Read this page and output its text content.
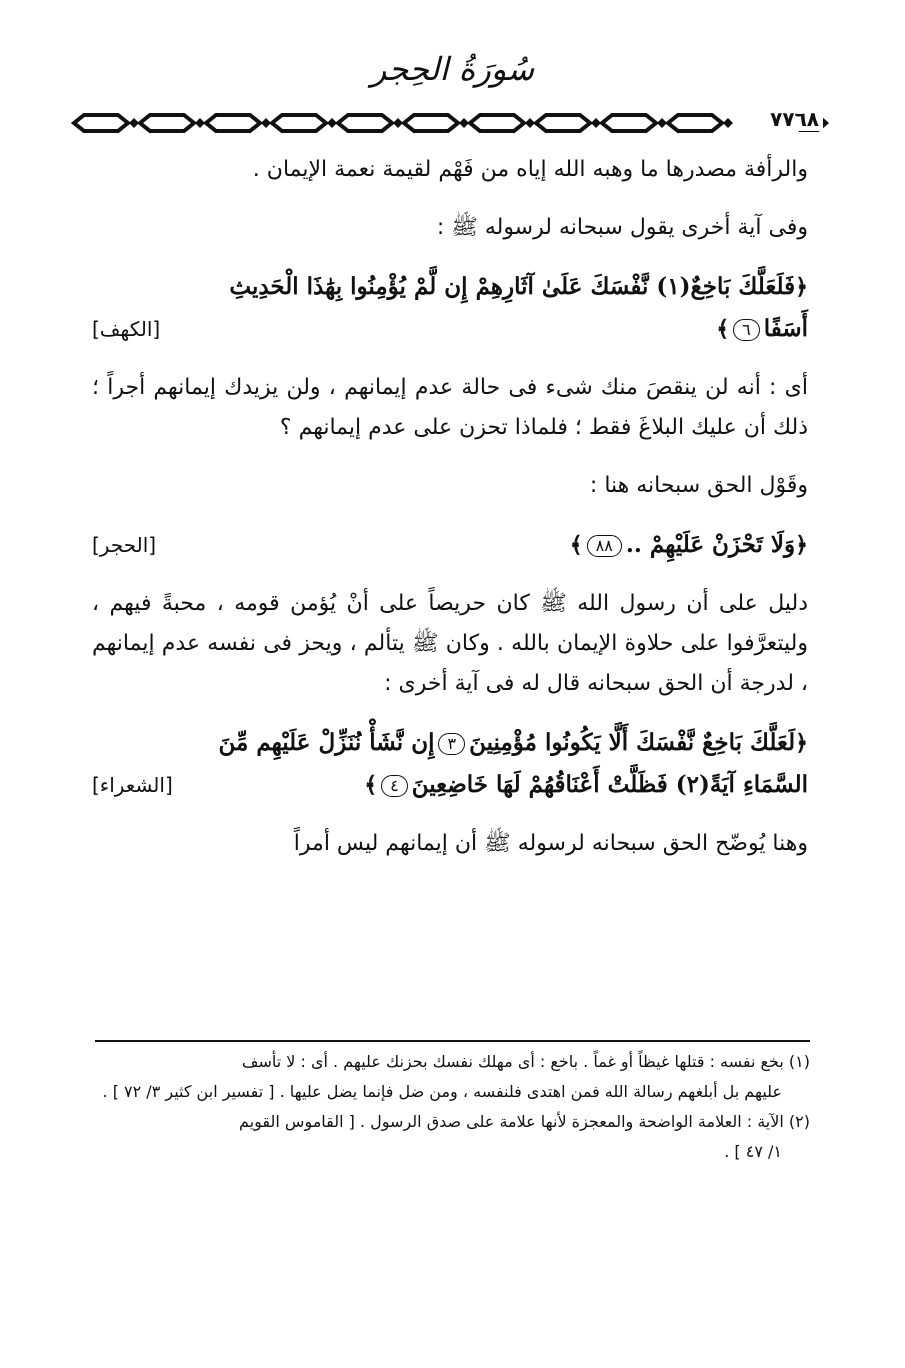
سُورَةُ الحِجر
٧٧٦٨

والرأفة مصدرها ما وهبه الله إياه من فَهْم لقيمة نعمة الإيمان .

وفى آية أخرى يقول سبحانه لرسوله ﷺ :

﴿فَلَعَلَّكَ بَاخِعٌ(١) نَّفْسَكَ عَلَىٰ آثَارِهِمْ إِن لَّمْ يُؤْمِنُوا بِهَٰذَا الْحَدِيثِ
أَسَفًا٦﴾
[الكهف]

أى : أنه لن ينقصَ منك شىء فى حالة عدم إيمانهم ، ولن يزيدك إيمانهم أجراً ؛ ذلك أن عليك البلاغَ فقط ؛ فلماذا تحزن على عدم إيمانهم ؟

وقَوْل الحق سبحانه هنا :

﴿وَلَا تَحْزَنْ عَلَيْهِمْ ..٨٨﴾
[الحجر]

دليل على أن رسول الله ﷺ كان حريصاً على أنْ يُؤمن قومه ، محبةً فيهم ، وليتعرَّفوا على حلاوة الإيمان بالله . وكان ﷺ يتألم ، ويحز فى نفسه عدم إيمانهم ، لدرجة أن الحق سبحانه قال له فى آية أخرى :

﴿لَعَلَّكَ بَاخِعٌ نَّفْسَكَ أَلَّا يَكُونُوا مُؤْمِنِينَ٣إِن نَّشَأْ نُنَزِّلْ عَلَيْهِم مِّنَ
السَّمَاءِ آيَةً(٢) فَظَلَّتْ أَعْنَاقُهُمْ لَهَا خَاضِعِينَ٤﴾
[الشعراء]

وهنا يُوضّح الحق سبحانه لرسوله ﷺ أن إيمانهم ليس أمراً

(١) بخع نفسه : قتلها غيظاً أو غماً . باخع : أى مهلك نفسك بحزنك عليهم . أى : لا تأسف

عليهم بل أبلغهم رسالة الله فمن اهتدى فلنفسه ، ومن ضل فإنما يضل عليها . [ تفسير ابن كثير ٣/ ٧٢ ] .

(٢) الآية : العلامة الواضحة والمعجزة لأنها علامة على صدق الرسول . [ القاموس القويم

١/ ٤٧ ] .
